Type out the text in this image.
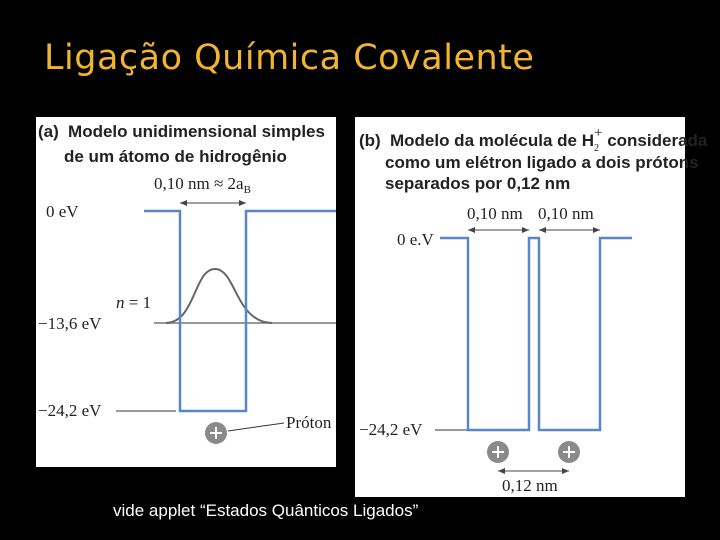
Ligação Química Covalente
(a) Modelo unidimensional simples
de um átomo de hidrogênio
0,10 nm ≈ $2a_B$
0 eV
n = 1
−13,6 eV
−24,2 eV
Próton
(b) Modelo da molécula de $H_2+$ considerada
como um elétron ligado a dois prótons
separados por 0,12 nm
0,10 nm 0,10 nm
0 e.V
−24,2 eV
0,12 nm
vide applet “Estados Quânticos Ligados”
